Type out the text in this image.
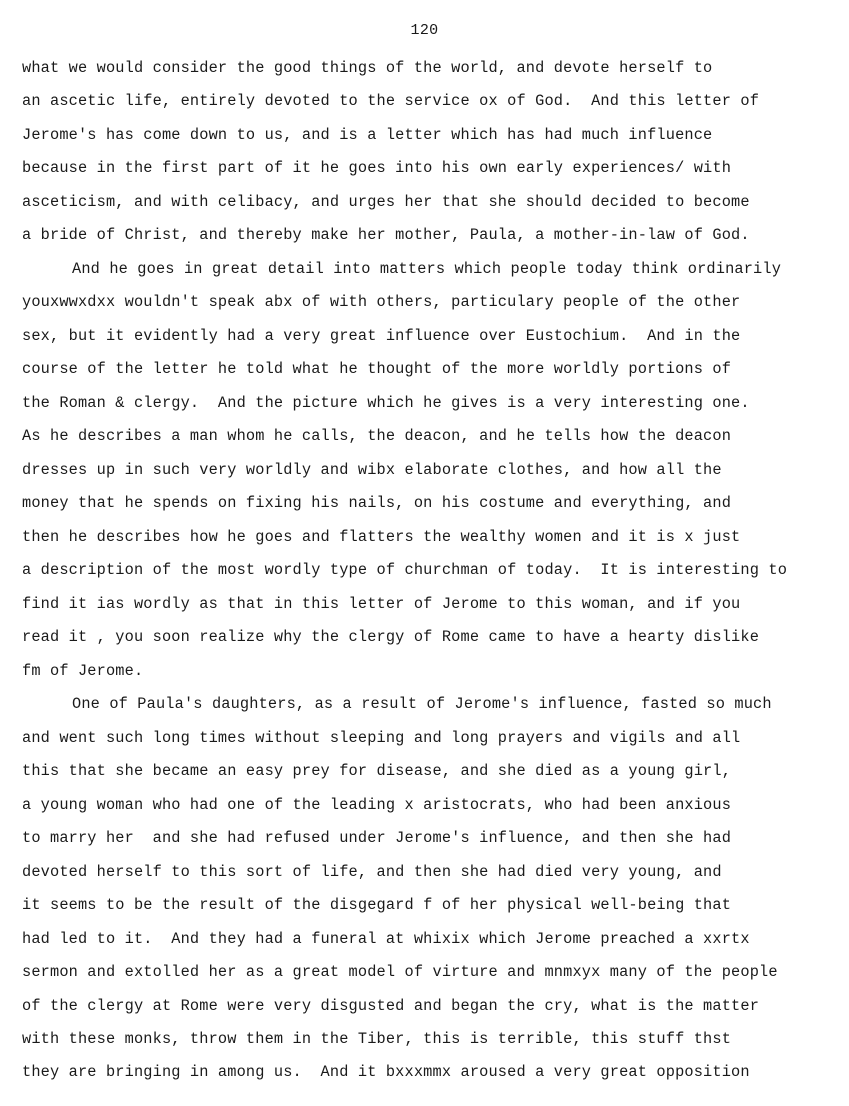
120
what we would consider the good things of the world, and devote herself to
an ascetic life, entirely devoted to the service ox of God.  And this letter of
Jerome's has come down to us, and is a letter which has had much influence
because in the first part of it he goes into his own early experiences/ with
asceticism, and with celibacy, and urges her that she should decided to become
a bride of Christ, and thereby make her mother, Paula, a mother-in-law of God.
And he goes in great detail into matters which people today think ordinarily
youxwwxdxx wouldn't speak abx of with others, particulary people of the other
sex, but it evidently had a very great influence over Eustochium.  And in the
course of the letter he told what he thought of the more worldly portions of
the Roman & clergy.  And the picture which he gives is a very interesting one.
As he describes a man whom he calls, the deacon, and he tells how the deacon
dresses up in such very worldly and wibx elaborate clothes, and how all the
money that he spends on fixing his nails, on his costume and everything, and
then he describes how he goes and flatters the wealthy women and it is x just
a description of the most wordly type of churchman of today.  It is interesting to
find it ias wordly as that in this letter of Jerome to this woman, and if you
read it , you soon realize why the clergy of Rome came to have a hearty dislike
fm of Jerome.
One of Paula's daughters, as a result of Jerome's influence, fasted so much
and went such long times without sleeping and long prayers and vigils and all
this that she became an easy prey for disease, and she died as a young girl,
a young woman who had one of the leading x aristocrats, who had been anxious
to marry her  and she had refused under Jerome's influence, and then she had
devoted herself to this sort of life, and then she had died very young, and
it seems to be the result of the disgegard f of her physical well-being that
had led to it.  And they had a funeral at whixix which Jerome preached a xxrtx
sermon and extolled her as a great model of virture and mnmxyx many of the people
of the clergy at Rome were very disgusted and began the cry, what is the matter
with these monks, throw them in the Tiber, this is terrible, this stuff thst
they are bringing in among us.  And it bxxxmmx aroused a very great opposition
